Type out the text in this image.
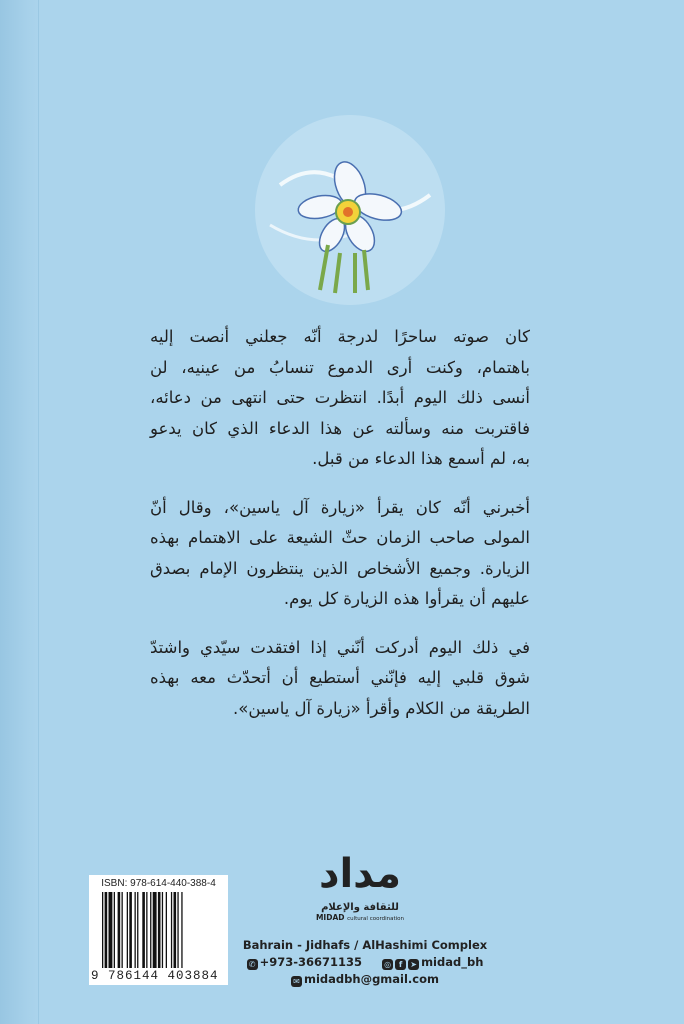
كان صوته ساحرًا لدرجة أنّه جعلني أنصت إليه
باهتمام، وكنت أرى الدموع تنسابُ من عينيه، لن
أنسى ذلك اليوم أبدًا. انتظرت حتى انتهى من دعائه،
فاقتربت منه وسألته عن هذا الدعاء الذي كان يدعو
به، لم أسمع هذا الدعاء من قبل.

أخبرني أنّه كان يقرأ «زيارة آل ياسين»، وقال أنّ
المولى صاحب الزمان حثّ الشيعة على الاهتمام بهذه
الزيارة. وجميع الأشخاص الذين ينتظرون الإمام بصدق
عليهم أن يقرأوا هذه الزيارة كل يوم.

في ذلك اليوم أدركت أنّني إذا افتقدت سيّدي واشتدّ
شوق قلبي إليه فإنّني أستطيع أن أتحدّث معه بهذه
الطريقة من الكلام وأقرأ «زيارة آل ياسين».

ISBN: 978-614-440-388-4
9 786144 403884
مداد
للثقافة والإعلام
MIDAD cultural coordination
Bahrain - Jidhafs / AlHashimi Complex
✆ +973-36671135	◎ f ➤ midad_bh
✉ midadbh@gmail.com
